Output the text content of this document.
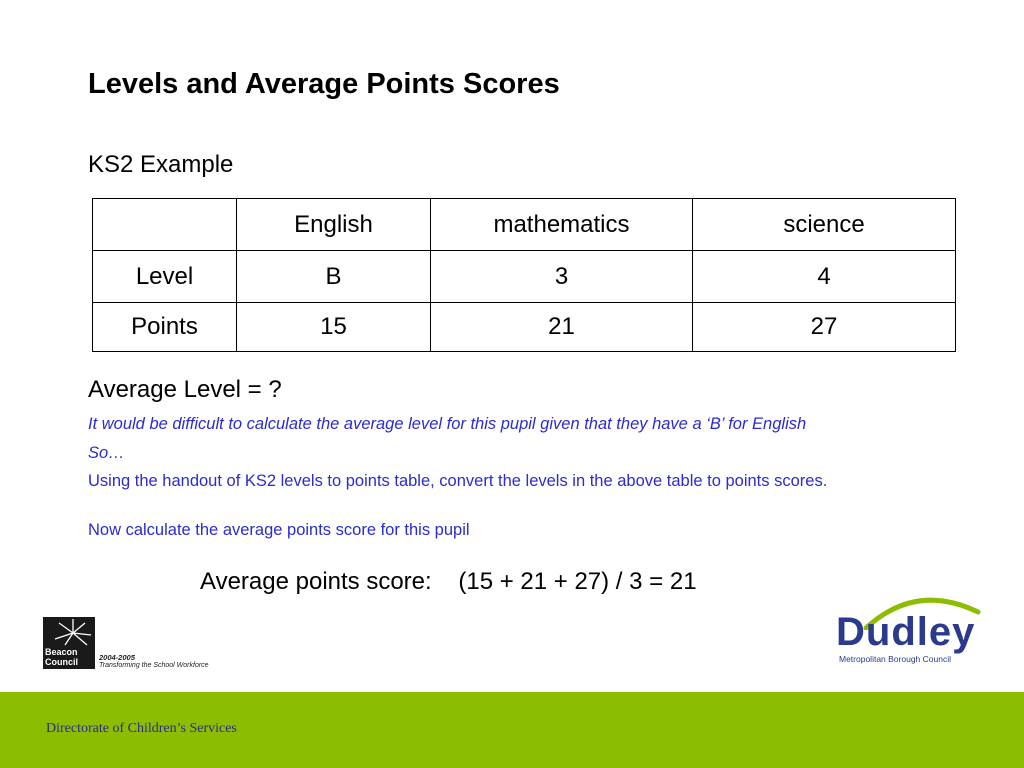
Levels and Average Points Scores
KS2 Example
	English	mathematics	science
Level	B	3	4
Points	15	21	27
Average Level = ?
It would be difficult to calculate the average level for this pupil given that they have a ‘B’ for English
So…
Using the handout of KS2 levels to points table, convert the levels in the above table to points scores.
Now calculate the average points score for this pupil
Average points score:    (15 + 21 + 27) / 3 = 21
Beacon
Council	2004-2005
Transforming the School Workforce
Dudley
Metropolitan Borough Council
Directorate of Children’s Services
